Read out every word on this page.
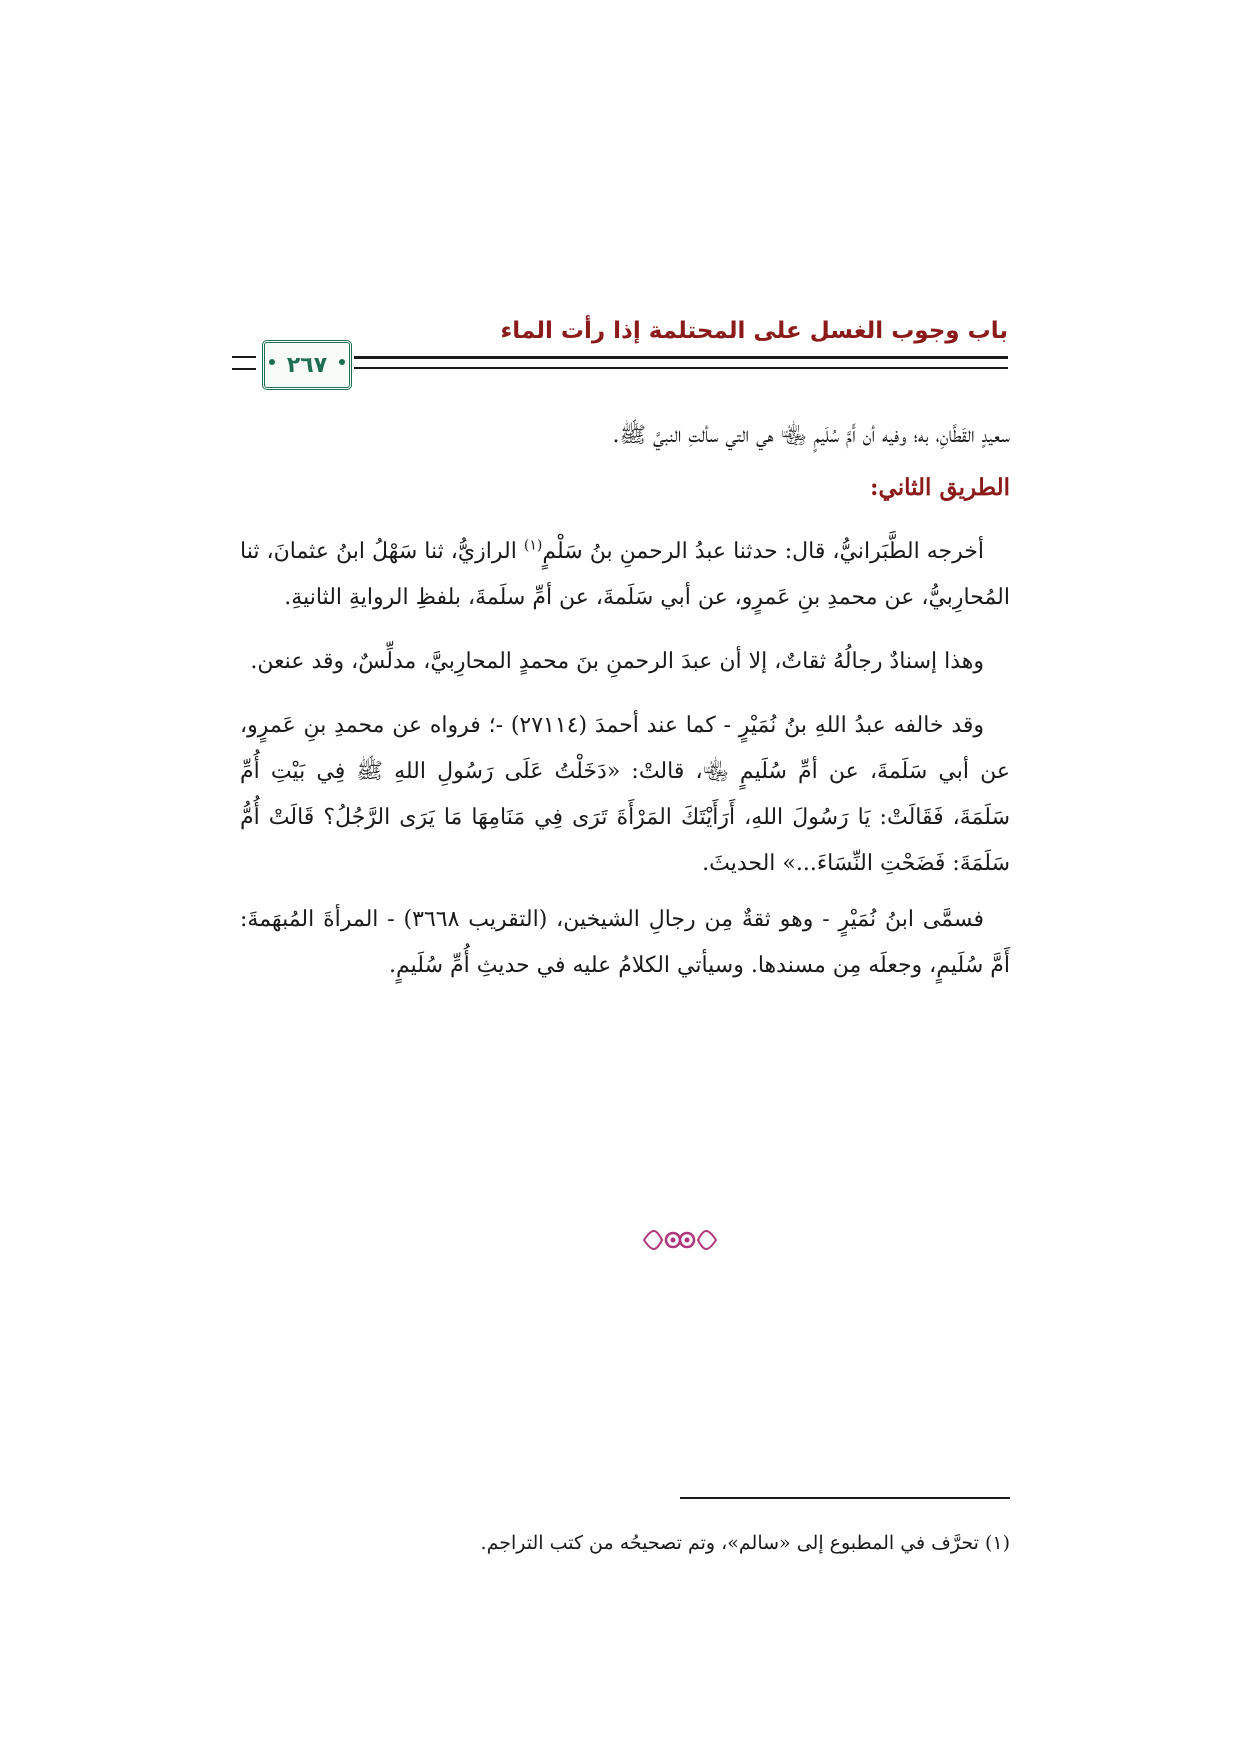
باب وجوب الغسل على المحتلمة إذا رأت الماء
٢٦٧

سعيدٍ القَطَّانِ، به؛ وفيه أن أَمَّ سُلَيمٍ ﵄ هي التي سألتِ النبيَّ ﷺ.

الطريق الثاني:

أخرجه الطَّبَرانيُّ، قال: حدثنا عبدُ الرحمنِ بنُ سَلْمٍ$^{(١)}$ الرازيُّ، ثنا سَهْلُ ابنُ عثمانَ، ثنا المُحارِبيُّ، عن محمدِ بنِ عَمرٍو، عن أبي سَلَمةَ، عن أمِّ سلَمةَ، بلفظِ الروايةِ الثانيةِ.

وهذا إسنادٌ رجالُهُ ثقاتٌ، إلا أن عبدَ الرحمنِ بنَ محمدٍ المحارِبيَّ، مدلِّسٌ، وقد عنعن.

وقد خالفه عبدُ اللهِ بنُ نُمَيْرٍ - كما عند أحمدَ (٢٧١١٤) -؛ فرواه عن محمدِ بنِ عَمرٍو، عن أبي سَلَمةَ، عن أمِّ سُلَيمٍ ﵄، قالتْ: «دَخَلْتُ عَلَى رَسُولِ اللهِ ﷺ فِي بَيْتِ أُمِّ سَلَمَةَ، فَقَالَتْ: يَا رَسُولَ اللهِ، أَرَأَيْتَكَ المَرْأَةَ تَرَى فِي مَنَامِهَا مَا يَرَى الرَّجُلُ؟ قَالَتْ أُمُّ سَلَمَةَ: فَضَحْتِ النِّسَاءَ...» الحديثَ.

فسمَّى ابنُ نُمَيْرٍ - وهو ثقةٌ مِن رجالِ الشيخين، (التقريب ٣٦٦٨) - المرأةَ المُبهَمةَ: أَمَّ سُلَيمٍ، وجعلَه مِن مسندها. وسيأتي الكلامُ عليه في حديثِ أُمِّ سُلَيمٍ.

(١) تحرَّف في المطبوع إلى «سالم»، وتم تصحيحُه من كتب التراجم.
